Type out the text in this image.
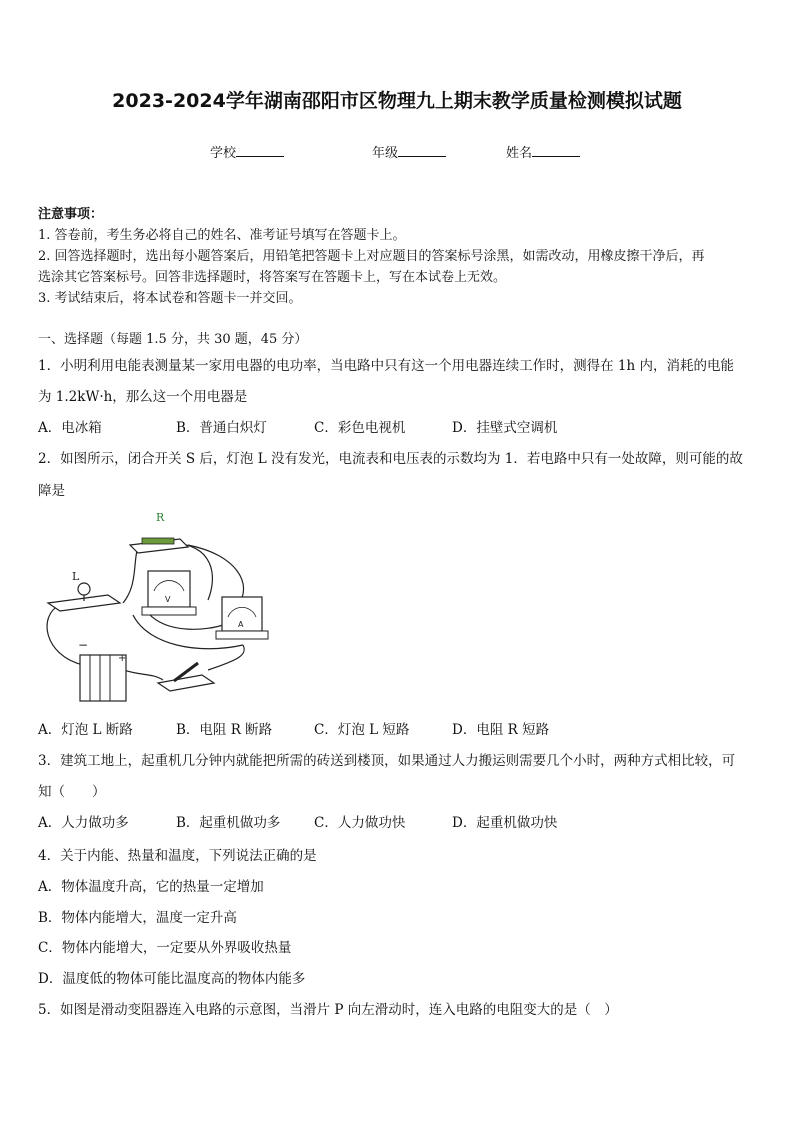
2023-2024学年湖南邵阳市区物理九上期末教学质量检测模拟试题
学校	年级	姓名
注意事项：
1. 答卷前，考生务必将自己的姓名、准考证号填写在答题卡上。
2. 回答选择题时，选出每小题答案后，用铅笔把答题卡上对应题目的答案标号涂黑，如需改动，用橡皮擦干净后，再
选涂其它答案标号。回答非选择题时，将答案写在答题卡上，写在本试卷上无效。
3. 考试结束后，将本试卷和答题卡一并交回。
一、选择题（每题 1.5 分，共 30 题，45 分）
1．小明利用电能表测量某一家用电器的电功率，当电路中只有这一个用电器连续工作时，测得在 1h 内，消耗的电能
为 1.2kW·h，那么这一个用电器是
A．电冰箱	B．普通白炽灯	C．彩色电视机	D．挂壁式空调机
2．如图所示，闭合开关 S 后，灯泡 L 没有发光，电流表和电压表的示数均为 1．若电路中只有一处故障，则可能的故
障是
R
L
V
A
−
+
A．灯泡 L 断路	B．电阻 R 断路	C．灯泡 L 短路	D．电阻 R 短路
3．建筑工地上，起重机几分钟内就能把所需的砖送到楼顶，如果通过人力搬运则需要几个小时，两种方式相比较，可
知（　　）
A．人力做功多	B．起重机做功多 C．人力做功快	D．起重机做功快
4．关于内能、热量和温度，下列说法正确的是
A．物体温度升高，它的热量一定增加
B．物体内能增大，温度一定升高
C．物体内能增大，一定要从外界吸收热量
D．温度低的物体可能比温度高的物体内能多
5．如图是滑动变阻器连入电路的示意图，当滑片 P 向左滑动时，连入电路的电阻变大的是（　）
